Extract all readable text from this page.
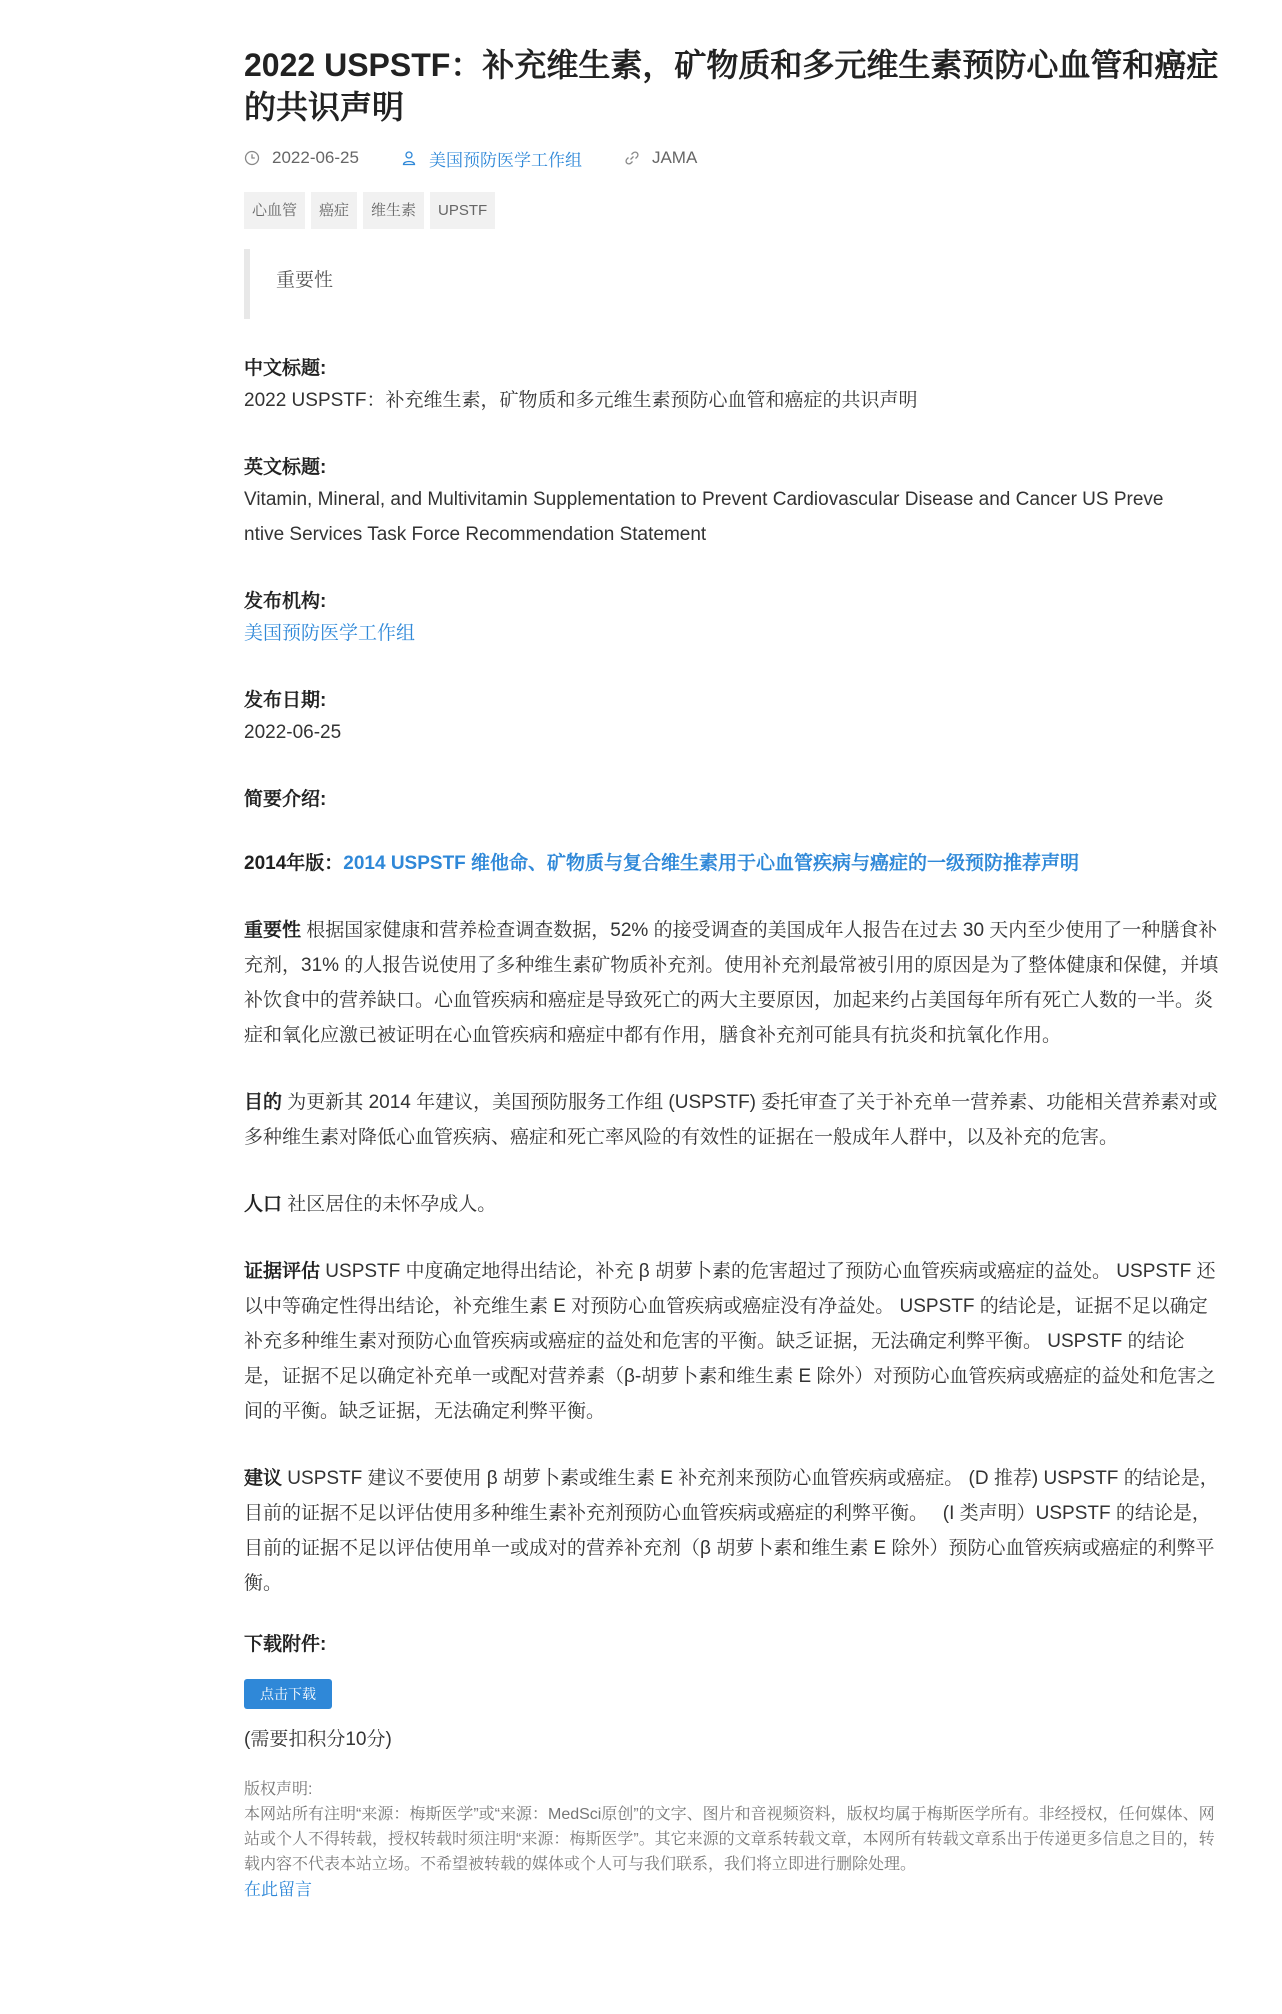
2022 USPSTF：补充维生素，矿物质和多元维生素预防心血管和癌症的共识声明
2022-06-25	美国预防医学工作组	JAMA
心血管	癌症	维生素	UPSTF
重要性
中文标题:
2022 USPSTF：补充维生素，矿物质和多元维生素预防心血管和癌症的共识声明
英文标题:
Vitamin, Mineral, and Multivitamin Supplementation to Prevent Cardiovascular Disease and Cancer US Preve
ntive Services Task Force Recommendation Statement
发布机构:
美国预防医学工作组
发布日期:
2022-06-25
简要介绍:
2014年版：2014 USPSTF 维他命、矿物质与复合维生素用于心血管疾病与癌症的一级预防推荐声明
重要性 根据国家健康和营养检查调查数据，52% 的接受调查的美国成年人报告在过去 30 天内至少使用了一种膳食补充剂，31% 的人报告说使用了多种维生素矿物质补充剂。使用补充剂最常被引用的原因是为了整体健康和保健，并填补饮食中的营养缺口。心血管疾病和癌症是导致死亡的两大主要原因，加起来约占美国每年所有死亡人数的一半。炎症和氧化应激已被证明在心血管疾病和癌症中都有作用，膳食补充剂可能具有抗炎和抗氧化作用。
目的 为更新其 2014 年建议，美国预防服务工作组 (USPSTF) 委托审查了关于补充单一营养素、功能相关营养素对或多种维生素对降低心血管疾病、癌症和死亡率风险的有效性的证据在一般成年人群中，以及补充的危害。
人口 社区居住的未怀孕成人。
证据评估 USPSTF 中度确定地得出结论，补充 β 胡萝卜素的危害超过了预防心血管疾病或癌症的益处。 USPSTF 还以中等确定性得出结论，补充维生素 E 对预防心血管疾病或癌症没有净益处。 USPSTF 的结论是，证据不足以确定补充多种维生素对预防心血管疾病或癌症的益处和危害的平衡。缺乏证据，无法确定利弊平衡。 USPSTF 的结论是，证据不足以确定补充单一或配对营养素（β-胡萝卜素和维生素 E 除外）对预防心血管疾病或癌症的益处和危害之间的平衡。缺乏证据，无法确定利弊平衡。
建议 USPSTF 建议不要使用 β 胡萝卜素或维生素 E 补充剂来预防心血管疾病或癌症。 (D 推荐) USPSTF 的结论是，目前的证据不足以评估使用多种维生素补充剂预防心血管疾病或癌症的利弊平衡。　 (I 类声明）USPSTF 的结论是，目前的证据不足以评估使用单一或成对的营养补充剂（β 胡萝卜素和维生素 E 除外）预防心血管疾病或癌症的利弊平衡。
下载附件:
点击下载
(需要扣积分10分)
版权声明:
本网站所有注明“来源：梅斯医学”或“来源：MedSci原创”的文字、图片和音视频资料，版权均属于梅斯医学所有。非经授权，任何媒体、网站或个人不得转载，授权转载时须注明“来源：梅斯医学”。其它来源的文章系转载文章，本网所有转载文章系出于传递更多信息之目的，转载内容不代表本站立场。不希望被转载的媒体或个人可与我们联系，我们将立即进行删除处理。
在此留言
